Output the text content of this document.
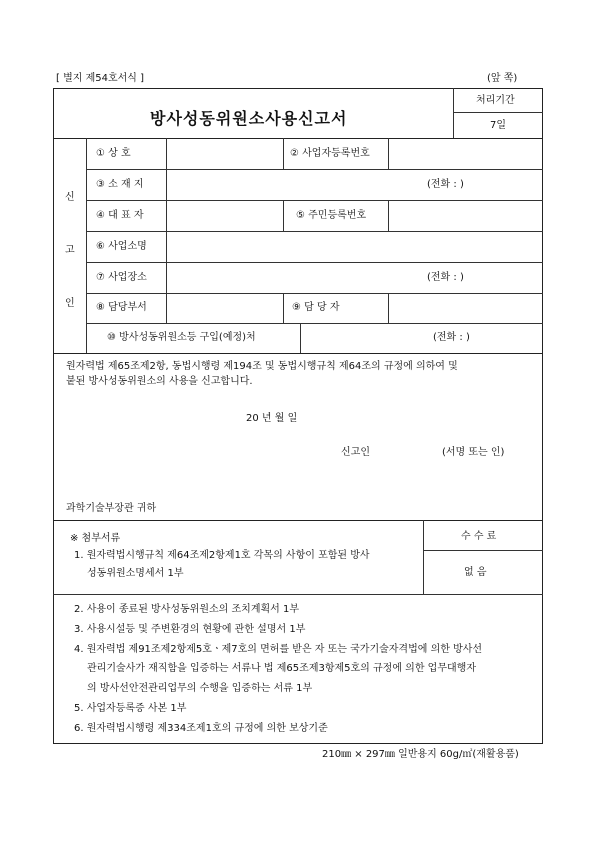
[ 별지 제54호서식 ]	(앞 쪽)
방사성동위원소사용신고서
처리기간
7일
신
고
인
① 상 호	② 사업자등록번호
③ 소 재 지	(전화 : )
④ 대 표 자	⑤ 주민등록번호
⑥ 사업소명
⑦ 사업장소	(전화 : )
⑧ 담당부서	⑨ 담 당 자
⑩ 방사성동위원소등 구입(예정)처	(전화 : )
원자력법 제65조제2항, 동법시행령 제194조 및 동법시행규칙 제64조의 규정에 의하여 및
붙된 방사성동위원소의 사용을 신고합니다.
20 년 월 일
신고인	(서명 또는 인)
과학기술부장관 귀하
수 수 료
없 음
※ 첨부서류
1. 원자력법시행규칙 제64조제2항제1호 각목의 사항이 포함된 방사
성동위원소명세서 1부
2. 사용이 종료된 방사성동위원소의 조치계획서 1부
3. 사용시설등 및 주변환경의 현황에 관한 설명서 1부
4. 원자력법 제91조제2항제5호ㆍ제7호의 면허를 받은 자 또는 국가기술자격법에 의한 방사선
관리기술사가 재직함을 입증하는 서류나 법 제65조제3항제5호의 규정에 의한 업무대행자
의 방사선안전관리업무의 수행을 입증하는 서류 1부
5. 사업자등록증 사본 1부
6. 원자력법시행령 제334조제1호의 규정에 의한 보상기준
210㎜ × 297㎜ 일반용지 60g/㎡(재활용품)
